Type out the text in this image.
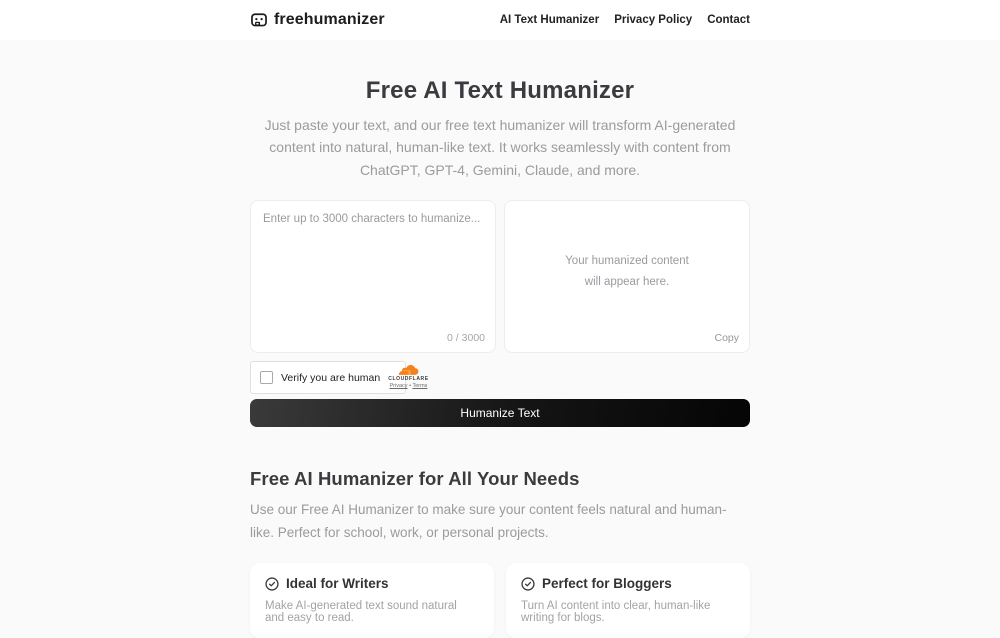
freehumanizer	AI Text Humanizer Privacy Policy Contact
Free AI Text Humanizer

Just paste your text, and our free text humanizer will transform AI-generated content into natural, human-like text. It works seamlessly with content from ChatGPT, GPT-4, Gemini, Claude, and more.

Enter up to 3000 characters to humanize...
0 / 3000
Your humanized content will appear here.
Copy
Verify you are human CLOUDFLARE
Privacy • Terms
Humanize Text
Free AI Humanizer for All Your Needs

Use our Free AI Humanizer to make sure your content feels natural and human-like. Perfect for school, work, or personal projects.

Ideal for Writers

Make AI-generated text sound natural and easy to read.

Perfect for Bloggers

Turn AI content into clear, human-like writing for blogs.
